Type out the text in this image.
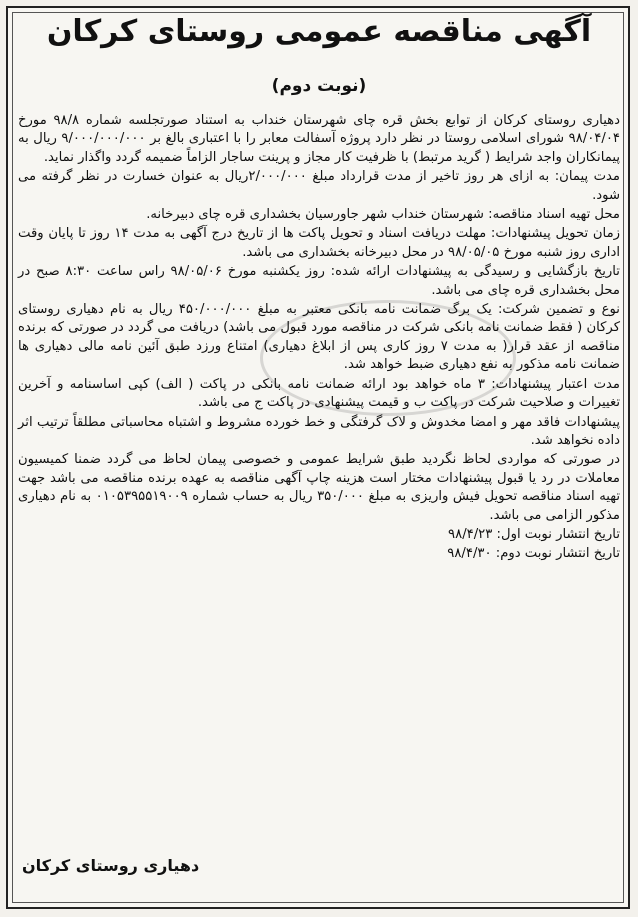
آگهی مناقصه عمومی روستای کرکان
(نوبت دوم)

دهیاری روستای کرکان از توابع بخش قره چای شهرستان خنداب به استناد صورتجلسه شماره ۹۸/۸ مورخ ۹۸/۰۴/۰۴ شورای اسلامی روستا در نظر دارد پروژه آسفالت معابر را با اعتباری بالغ بر ۹/۰۰۰/۰۰۰/۰۰۰ ریال به پیمانکاران واجد شرایط ( گرید مرتبط) با ظرفیت کار مجاز و پرینت ساجار الزاماً ضمیمه گردد واگذار نماید.

مدت پیمان: به ازای هر روز تاخیر از مدت قرارداد مبلغ ۲/۰۰۰/۰۰۰ریال به عنوان خسارت در نظر گرفته می شود.

محل تهیه اسناد مناقصه: شهرستان خنداب شهر جاورسیان بخشداری قره چای دبیرخانه.

زمان تحویل پیشنهادات: مهلت دریافت اسناد و تحویل پاکت ها از تاریخ درج آگهی به مدت ۱۴ روز تا پایان وقت اداری روز شنبه مورخ ۹۸/۰۵/۰۵ در محل دبیرخانه بخشداری می باشد.

تاریخ بازگشایی و رسیدگی به پیشنهادات ارائه شده: روز یکشنبه مورخ ۹۸/۰۵/۰۶ راس ساعت ۸:۳۰ صبح در محل بخشداری قره چای می باشد.

نوع و تضمین شرکت: یک برگ ضمانت نامه بانکی معتبر به مبلغ ۴۵۰/۰۰۰/۰۰۰ ریال به نام دهیاری روستای کرکان ( فقط ضمانت نامه بانکی شرکت در مناقصه مورد قبول می باشد) دریافت می گردد در صورتی که برنده مناقصه از عقد قرار( به مدت ۷ روز کاری پس از ابلاغ دهیاری) امتناع ورزد طبق آئین نامه مالی دهیاری ها ضمانت نامه مذکور به نفع دهیاری ضبط خواهد شد.

مدت اعتبار پیشنهادات: ۳ ماه خواهد بود ارائه ضمانت نامه بانکی در پاکت ( الف) کپی اساسنامه و آخرین تغییرات و صلاحیت شرکت در پاکت ب و قیمت پیشنهادی در پاکت ج می باشد.

پیشنهادات فاقد مهر و امضا مخدوش و لاک گرفتگی و خط خورده مشروط و اشتباه محاسباتی مطلقاً ترتیب اثر داده نخواهد شد.

در صورتی که مواردی لحاظ نگردید طبق شرایط عمومی و خصوصی پیمان لحاظ می گردد ضمنا کمیسیون معاملات در رد یا قبول پیشنهادات مختار است هزینه چاپ آگهی مناقصه به عهده برنده مناقصه می باشد جهت تهیه اسناد مناقصه تحویل فیش واریزی به مبلغ ۳۵۰/۰۰۰ ریال به حساب شماره ۰۱۰۵۳۹۵۵۱۹۰۰۹ به نام دهیاری مذکور الزامی می باشد.

تاریخ انتشار نوبت اول: ۹۸/۴/۲۳

تاریخ انتشار نوبت دوم: ۹۸/۴/۳۰

دهیاری روستای کرکان
